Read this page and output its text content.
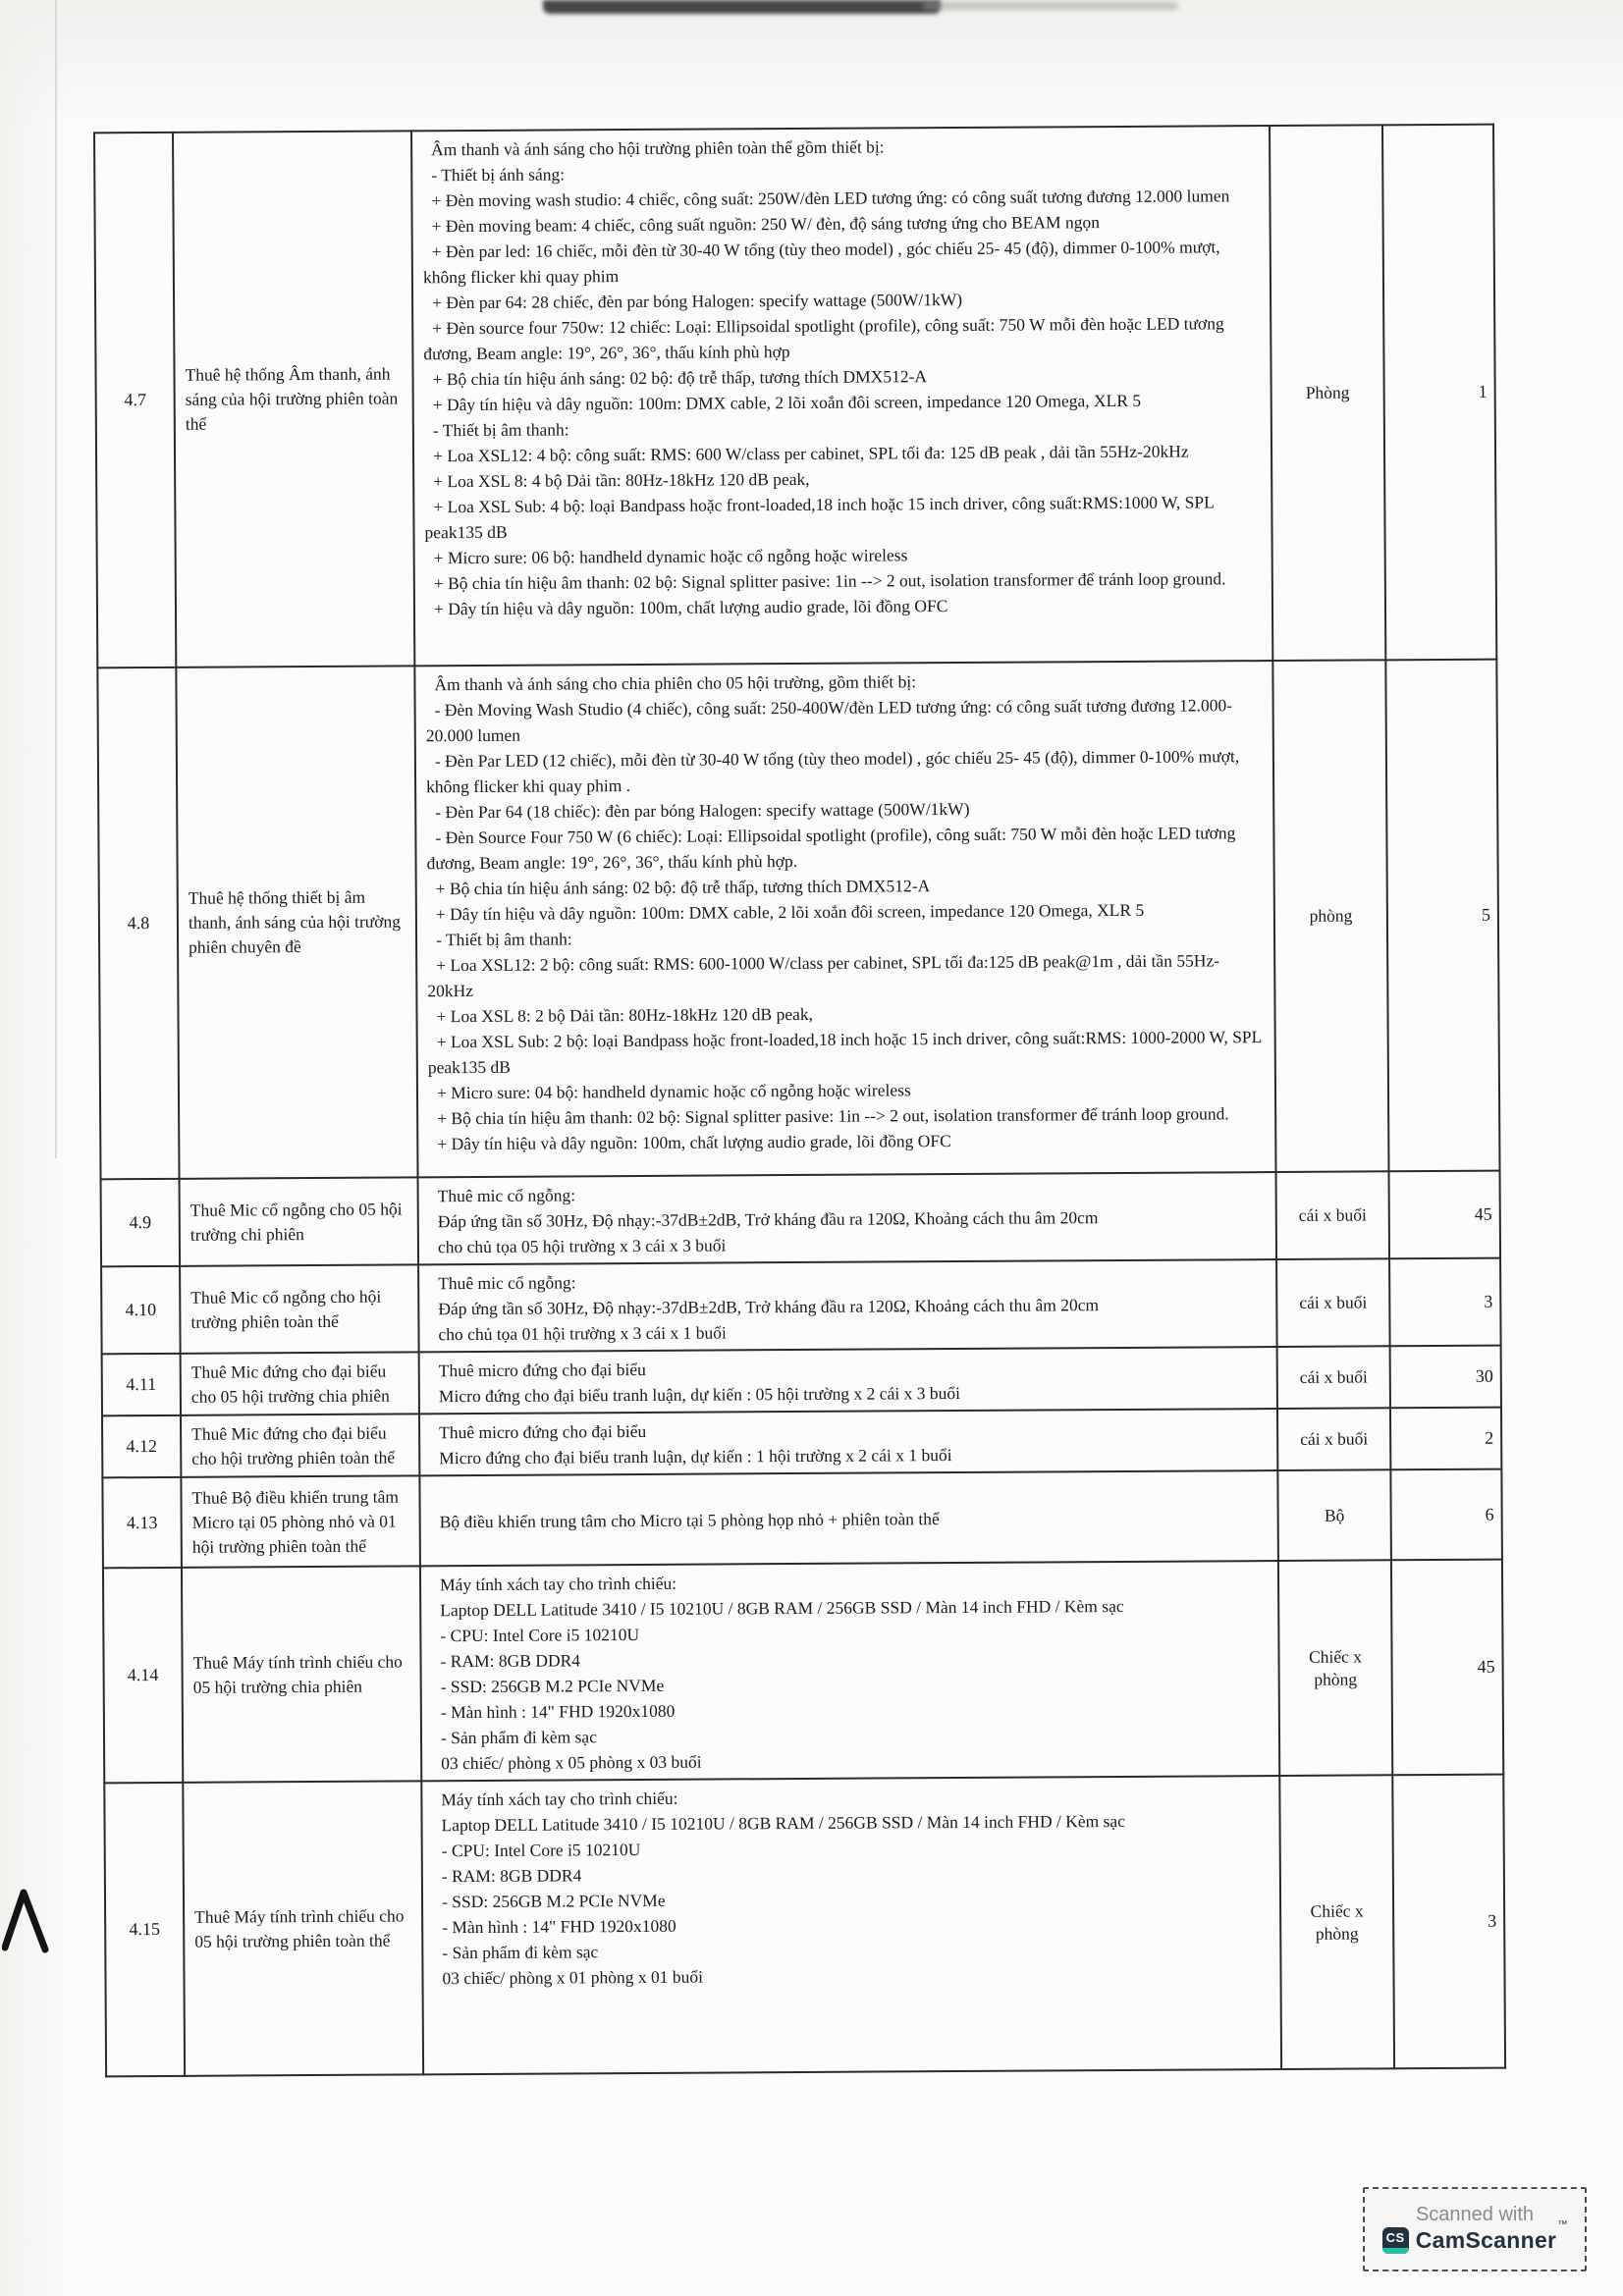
4.7	Thuê hệ thống Âm thanh, ánh sáng của hội trường phiên toàn thể	
Âm thanh và ánh sáng cho hội trường phiên toàn thể gồm thiết bị:
- Thiết bị ánh sáng:
+ Đèn moving wash studio: 4 chiếc, công suất: 250W/đèn LED tương ứng: có công suất tương đương 12.000 lumen
+ Đèn moving beam: 4 chiếc, công suất nguồn: 250 W/ đèn, độ sáng tương ứng cho BEAM ngọn
+ Đèn par led: 16 chiếc, mỗi đèn từ 30-40 W tổng (tùy theo model) , góc chiếu 25- 45 (độ), dimmer 0-100% mượt, không flicker khi quay phim
+ Đèn par 64: 28 chiếc, đèn par bóng Halogen: specify wattage (500W/1kW)
+ Đèn source four 750w: 12 chiếc: Loại: Ellipsoidal spotlight (profile), công suất: 750 W mỗi đèn hoặc LED tương đương, Beam angle: 19°, 26°, 36°, thấu kính phù hợp
+ Bộ chia tín hiệu ánh sáng: 02 bộ: độ trễ thấp, tương thích DMX512-A
+ Dây tín hiệu và dây nguồn: 100m: DMX cable, 2 lõi xoắn đôi screen, impedance 120 Omega, XLR 5
- Thiết bị âm thanh:
+ Loa XSL12: 4 bộ: công suất: RMS: 600 W/class per cabinet, SPL tối đa: 125 dB peak , dải tần 55Hz-20kHz
+ Loa XSL 8: 4 bộ Dải tần: 80Hz-18kHz 120 dB peak,
+ Loa XSL Sub: 4 bộ: loại Bandpass hoặc front-loaded,18 inch hoặc 15 inch driver, công suất:RMS:1000 W, SPL peak135 dB
+ Micro sure: 06 bộ: handheld dynamic hoặc cổ ngỗng hoặc wireless
+ Bộ chia tín hiệu âm thanh: 02 bộ: Signal splitter pasive: 1in --> 2 out, isolation transformer để tránh loop ground.
+ Dây tín hiệu và dây nguồn: 100m, chất lượng audio grade, lõi đồng OFC
	Phòng	1
4.8	Thuê hệ thống thiết bị âm thanh, ánh sáng của hội trường phiên chuyên đề	
Âm thanh và ánh sáng cho chia phiên cho 05 hội trường, gồm thiết bị:
- Đèn Moving Wash Studio (4 chiếc), công suất: 250-400W/đèn LED tương ứng: có công suất tương đương 12.000-20.000 lumen
- Đèn Par LED (12 chiếc), mỗi đèn từ 30-40 W tổng (tùy theo model) , góc chiếu 25- 45 (độ), dimmer 0-100% mượt, không flicker khi quay phim .
- Đèn Par 64 (18 chiếc): đèn par bóng Halogen: specify wattage (500W/1kW)
- Đèn Source Four 750 W (6 chiếc): Loại: Ellipsoidal spotlight (profile), công suất: 750 W mỗi đèn hoặc LED tương đương, Beam angle: 19°, 26°, 36°, thấu kính phù hợp.
+ Bộ chia tín hiệu ánh sáng: 02 bộ: độ trễ thấp, tương thích DMX512-A
+ Dây tín hiệu và dây nguồn: 100m: DMX cable, 2 lõi xoắn đôi screen, impedance 120 Omega, XLR 5
- Thiết bị âm thanh:
+ Loa XSL12: 2 bộ: công suất: RMS: 600-1000 W/class per cabinet, SPL tối đa:125 dB peak@1m , dải tần 55Hz-20kHz
+ Loa XSL 8: 2 bộ Dải tần: 80Hz-18kHz 120 dB peak,
+ Loa XSL Sub: 2 bộ: loại Bandpass hoặc front-loaded,18 inch hoặc 15 inch driver, công suất:RMS: 1000-2000 W, SPL peak135 dB
+ Micro sure: 04 bộ: handheld dynamic hoặc cổ ngỗng hoặc wireless
+ Bộ chia tín hiệu âm thanh: 02 bộ: Signal splitter pasive: 1in --> 2 out, isolation transformer để tránh loop ground.
+ Dây tín hiệu và dây nguồn: 100m, chất lượng audio grade, lõi đồng OFC
	phòng	5
4.9	Thuê Mic cổ ngỗng cho 05 hội trường chi phiên	Thuê mic cổ ngỗng:
Đáp ứng tần số 30Hz, Độ nhạy:-37dB±2dB, Trở kháng đầu ra 120Ω, Khoảng cách thu âm 20cm
cho chủ tọa 05 hội trường x 3 cái x 3 buổi	cái x buổi	45
4.10	Thuê Mic cổ ngỗng cho hội trường phiên toàn thể	Thuê mic cổ ngỗng:
Đáp ứng tần số 30Hz, Độ nhạy:-37dB±2dB, Trở kháng đầu ra 120Ω, Khoảng cách thu âm 20cm
cho chủ tọa 01 hội trường x 3 cái x 1 buổi	cái x buổi	3
4.11	Thuê Mic đứng cho đại biểu cho 05 hội trường chia phiên	Thuê micro đứng cho đại biểu
Micro đứng cho đại biểu tranh luận, dự kiến : 05 hội trường x 2 cái x 3 buổi	cái x buổi	30
4.12	Thuê Mic đứng cho đại biểu cho hội trường phiên toàn thể	Thuê micro đứng cho đại biểu
Micro đứng cho đại biểu tranh luận, dự kiến : 1 hội trường x 2 cái x 1 buổi	cái x buổi	2
4.13	Thuê Bộ điều khiển trung tâm Micro tại 05 phòng nhỏ và 01 hội trường phiên toàn thể	Bộ điều khiển trung tâm cho Micro tại 5 phòng họp nhỏ + phiên toàn thể	Bộ	6
4.14	Thuê Máy tính trình chiếu cho 05 hội trường chia phiên	
Máy tính xách tay cho trình chiếu:
Laptop DELL Latitude 3410 / I5 10210U / 8GB RAM / 256GB SSD / Màn 14 inch FHD / Kèm sạc
- CPU: Intel Core i5 10210U
- RAM: 8GB DDR4
- SSD: 256GB M.2 PCIe NVMe
- Màn hình : 14" FHD 1920x1080
- Sản phẩm đi kèm sạc
03 chiếc/ phòng x 05 phòng x 03 buổi
	Chiếc x phòng	45
4.15	Thuê Máy tính trình chiếu cho 05 hội trường phiên toàn thể	
Máy tính xách tay cho trình chiếu:
Laptop DELL Latitude 3410 / I5 10210U / 8GB RAM / 256GB SSD / Màn 14 inch FHD / Kèm sạc
- CPU: Intel Core i5 10210U
- RAM: 8GB DDR4
- SSD: 256GB M.2 PCIe NVMe
- Màn hình : 14" FHD 1920x1080
- Sản phẩm đi kèm sạc
03 chiếc/ phòng x 01 phòng x 01 buổi
	Chiếc x phòng	3
Scanned with
CS CamScanner™
